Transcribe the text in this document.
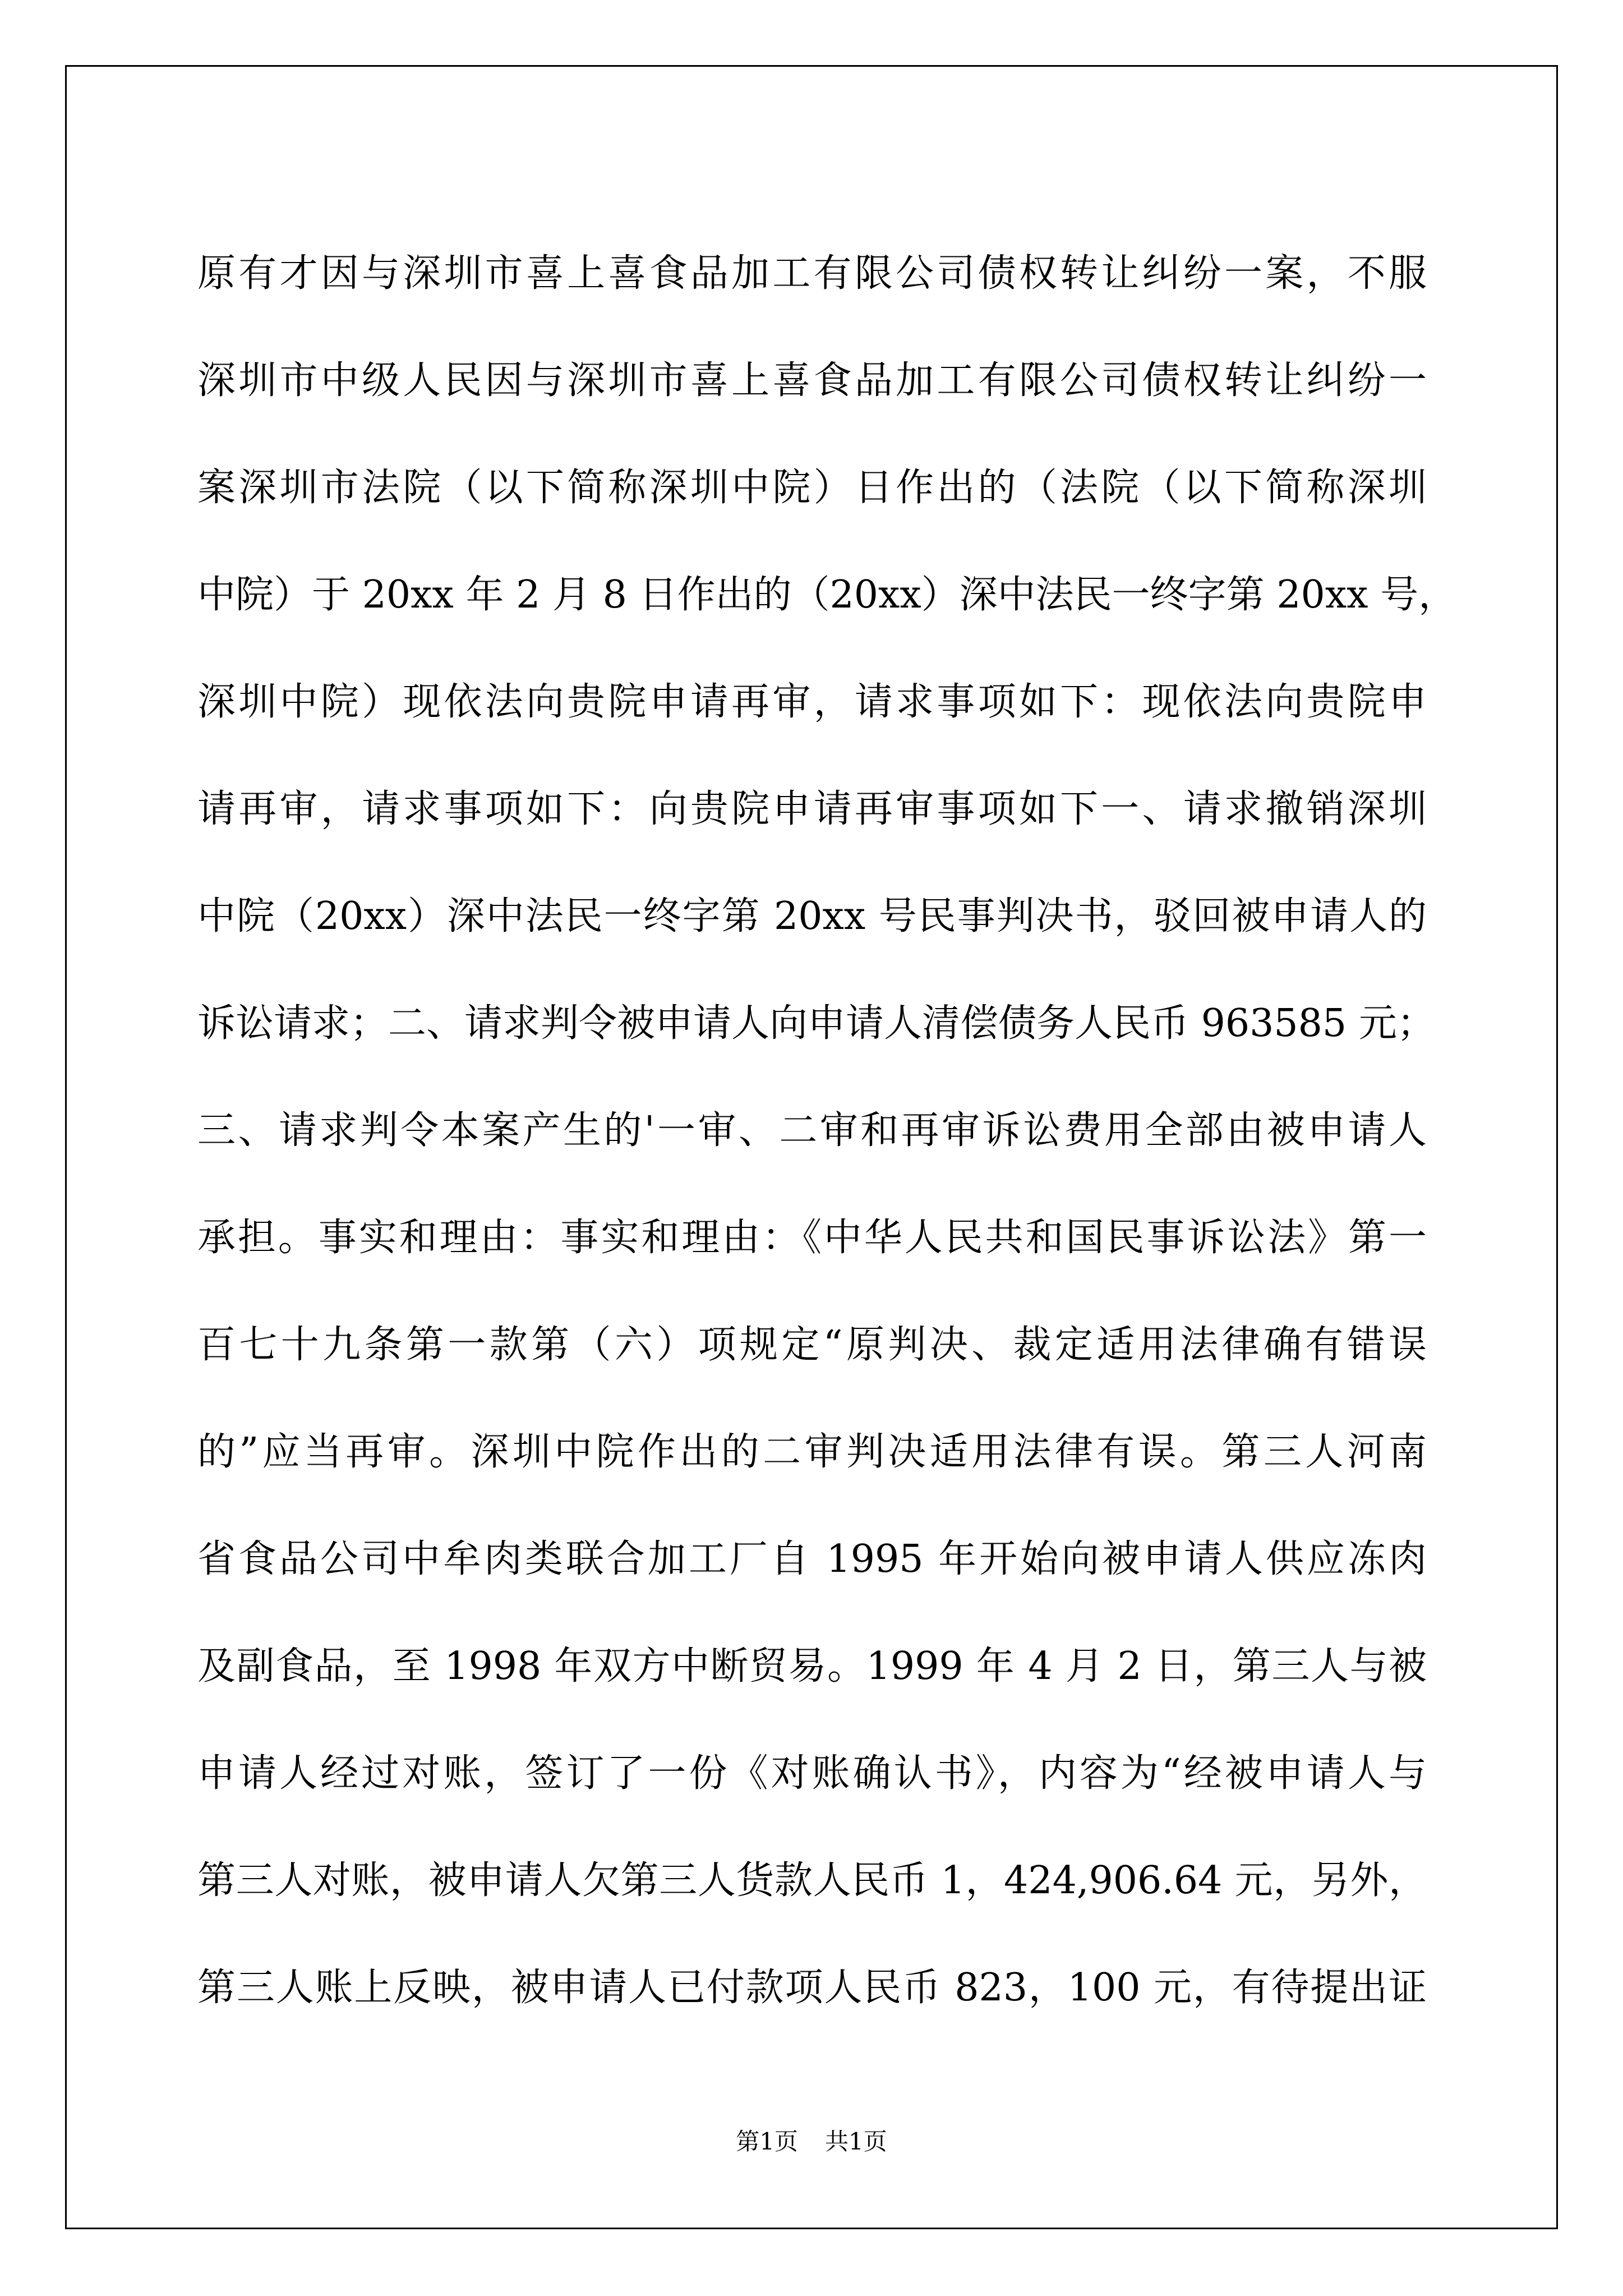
原有才因与深圳市喜上喜食品加工有限公司债权转让纠纷一案，不服
深圳市中级人民因与深圳市喜上喜食品加工有限公司债权转让纠纷一
案深圳市法院（以下简称深圳中院）日作出的（法院（以下简称深圳
中院）于 20xx 年 2 月 8 日作出的（20xx）深中法民一终字第 20xx 号，
深圳中院）现依法向贵院申请再审，请求事项如下：现依法向贵院申
请再审，请求事项如下：向贵院申请再审事项如下一、请求撤销深圳
中院（20xx）深中法民一终字第 20xx 号民事判决书，驳回被申请人的
诉讼请求；二、请求判令被申请人向申请人清偿债务人民币 963585 元；
三、请求判令本案产生的'一审、二审和再审诉讼费用全部由被申请人
承担。事实和理由：事实和理由：《中华人民共和国民事诉讼法》第一
百七十九条第一款第（六）项规定“原判决、裁定适用法律确有错误
的”应当再审。深圳中院作出的二审判决适用法律有误。第三人河南
省食品公司中牟肉类联合加工厂自 1995 年开始向被申请人供应冻肉
及副食品，至 1998 年双方中断贸易。1999 年 4 月 2 日，第三人与被
申请人经过对账，签订了一份《对账确认书》，内容为“经被申请人与
第三人对账，被申请人欠第三人货款人民币 1，424,906.64 元，另外，
第三人账上反映，被申请人已付款项人民币 823，100 元，有待提出证
第1页 共1页
